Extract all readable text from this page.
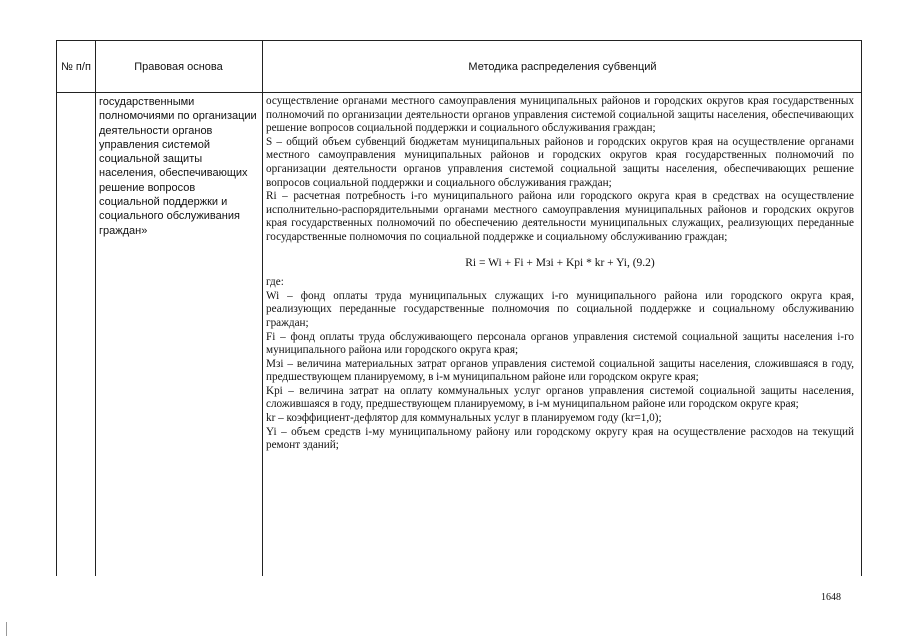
№ п/п	Правовая основа	Методика распределения субвенций
государственными полномочиями по организации деятельности органов управления системой социальной защиты населения, обеспечивающих решение вопросов социальной поддержки и социального обслуживания граждан»

осуществление органами местного самоуправления муниципальных районов и городских округов края государственных полномочий по организации деятельности органов управления системой социальной защиты населения, обеспечивающих решение вопросов социальной поддержки и социального обслуживания граждан;

S – общий объем субвенций бюджетам муниципальных районов и городских округов края на осуществление органами местного самоуправления муниципальных районов и городских округов края государственных полномочий по организации деятельности органов управления системой социальной защиты населения, обеспечивающих решение вопросов социальной поддержки и социального обслуживания граждан;

Ri – расчетная потребность i-го муниципального района или городского округа края в средствах на осуществление исполнительно-распорядительными органами местного самоуправления муниципальных районов и городских округов края государственных полномочий по обеспечению деятельности муниципальных служащих, реализующих переданные государственные полномочия по социальной поддержке и социальному обслуживанию граждан;

Ri = Wi + Fi + Mзi + Kpi * kr + Yi, (9.2)

где:

Wi – фонд оплаты труда муниципальных служащих i-го муниципального района или городского округа края, реализующих переданные государственные полномочия по социальной поддержке и социальному обслуживанию граждан;

Fi – фонд оплаты труда обслуживающего персонала органов управления системой социальной защиты населения i-го муниципального района или городского округа края;

Mзi – величина материальных затрат органов управления системой социальной защиты населения, сложившаяся в году, предшествующем планируемому, в i-м муниципальном районе или городском округе края;

Kpi – величина затрат на оплату коммунальных услуг органов управления системой социальной защиты населения, сложившаяся в году, предшествующем планируемому, в i-м муниципальном районе или городском округе края;

kr – коэффициент-дефлятор для коммунальных услуг в планируемом году (kr=1,0);

Yi – объем средств i-му муниципальному району или городскому округу края на осуществление расходов на текущий ремонт зданий;

1648
